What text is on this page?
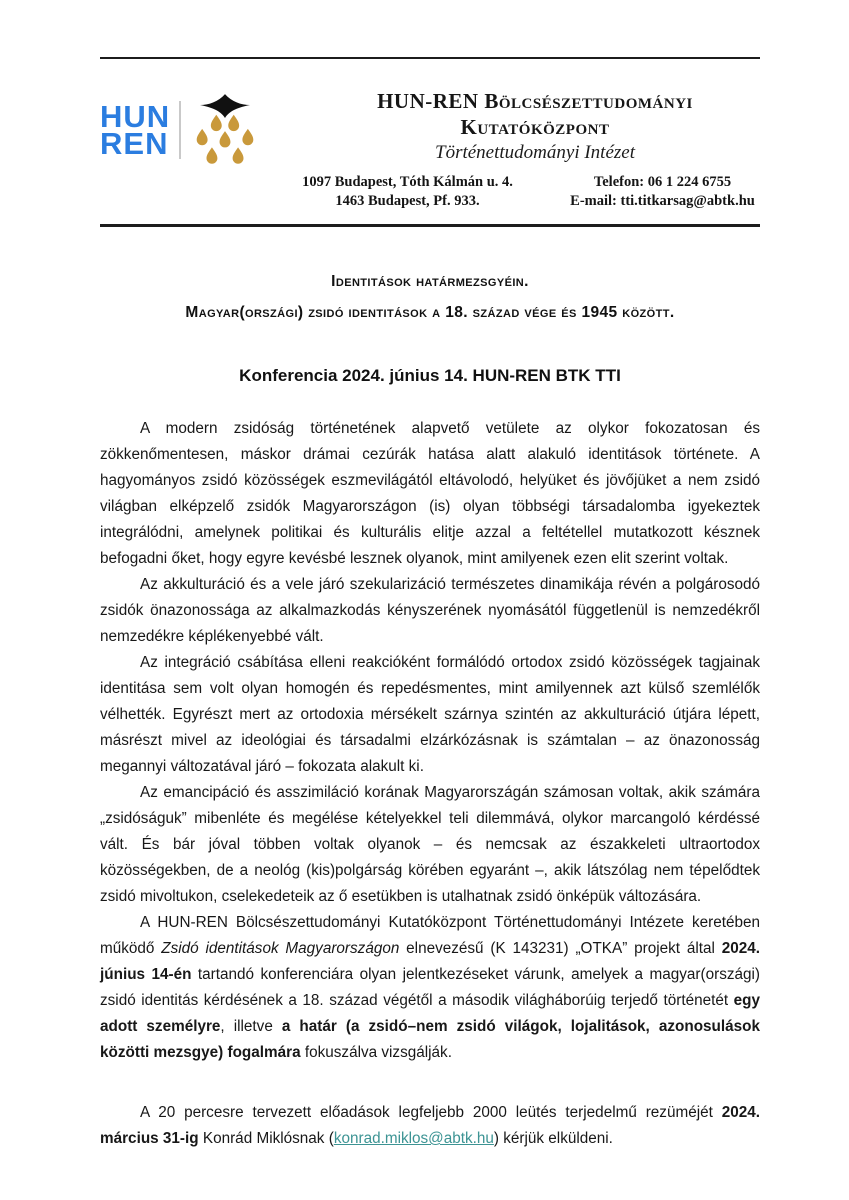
HUN
REN
HUN-REN Bölcsészettudományi
Kutatóközpont
Történettudományi Intézet
1097 Budapest, Tóth Kálmán u. 4.
1463 Budapest, Pf. 933.
Telefon: 06 1 224 6755
E-mail: tti.titkarsag@abtk.hu
Identitások határmezsgyéin.
Magyar(országi) zsidó identitások a 18. század vége és 1945 között.
Konferencia 2024. június 14. HUN-REN BTK TTI

A modern zsidóság történetének alapvető vetülete az olykor fokozatosan és zökkenőmentesen, máskor drámai cezúrák hatása alatt alakuló identitások története. A hagyományos zsidó közösségek eszmevilágától eltávolodó, helyüket és jövőjüket a nem zsidó világban elképzelő zsidók Magyarországon (is) olyan többségi társadalomba igyekeztek integrálódni, amelynek politikai és kulturális elitje azzal a feltétellel mutatkozott késznek befogadni őket, hogy egyre kevésbé lesznek olyanok, mint amilyenek ezen elit szerint voltak.

Az akkulturáció és a vele járó szekularizáció természetes dinamikája révén a polgárosodó zsidók önazonossága az alkalmazkodás kényszerének nyomásától függetlenül is nemzedékről nemzedékre képlékenyebbé vált.

Az integráció csábítása elleni reakcióként formálódó ortodox zsidó közösségek tagjainak identitása sem volt olyan homogén és repedésmentes, mint amilyennek azt külső szemlélők vélhették. Egyrészt mert az ortodoxia mérsékelt szárnya szintén az akkulturáció útjára lépett, másrészt mivel az ideológiai és társadalmi elzárkózásnak is számtalan – az önazonosság megannyi változatával járó – fokozata alakult ki.

Az emancipáció és asszimiláció korának Magyarországán számosan voltak, akik számára „zsidóságuk” mibenléte és megélése kételyekkel teli dilemmává, olykor marcangoló kérdéssé vált. És bár jóval többen voltak olyanok – és nemcsak az északkeleti ultraortodox közösségekben, de a neológ (kis)polgárság körében egyaránt –, akik látszólag nem tépelődtek zsidó mivoltukon, cselekedeteik az ő esetükben is utalhatnak zsidó önképük változására.

A HUN-REN Bölcsészettudományi Kutatóközpont Történettudományi Intézete keretében működő Zsidó identitások Magyarországon elnevezésű (K 143231) „OTKA” projekt által 2024. június 14-én tartandó konferenciára olyan jelentkezéseket várunk, amelyek a magyar(országi) zsidó identitás kérdésének a 18. század végétől a második világháborúig terjedő történetét egy adott személyre, illetve a határ (a zsidó–nem zsidó világok, lojalitások, azonosulások közötti mezsgye) fogalmára fokuszálva vizsgálják.

A 20 percesre tervezett előadások legfeljebb 2000 leütés terjedelmű rezüméjét 2024. március 31-ig Konrád Miklósnak (konrad.miklos@abtk.hu) kérjük elküldeni.
